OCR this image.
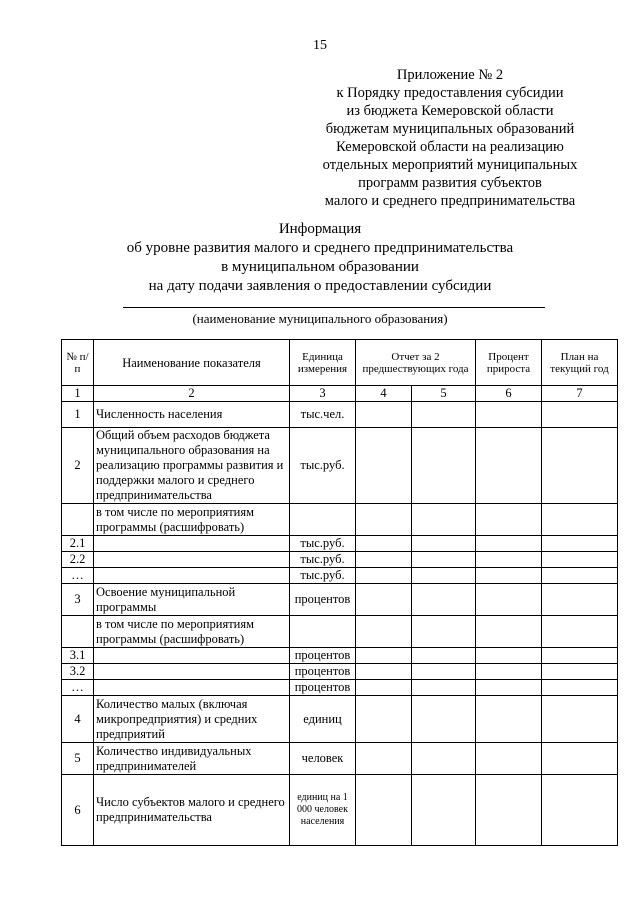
15
Приложение № 2
к Порядку предоставления субсидии
из бюджета Кемеровской области
бюджетам муниципальных образований
Кемеровской области на реализацию
отдельных мероприятий муниципальных
программ развития субъектов
малого и среднего предпринимательства
Информация
об уровне развития малого и среднего предпринимательства
в муниципальном образовании
на дату подачи заявления о предоставлении субсидии
(наименование муниципального образования)
№ п/п	Наименование показателя	Единица измерения	Отчет за 2 предшествующих года		Процент прироста	План на текущий год
1	2	3	4	5	6	7
1	Численность населения	тыс.чел.				
2	Общий объем расходов бюджета муниципального образования на реализацию программы развития и поддержки малого и среднего предпринимательства	тыс.руб.				
	в том числе по мероприятиям программы (расшифровать)					
2.1		тыс.руб.				
2.2		тыс.руб.				
…		тыс.руб.				
3	Освоение муниципальной программы	процентов				
	в том числе по мероприятиям программы (расшифровать)					
3.1		процентов				
3.2		процентов				
…		процентов				
4	Количество малых (включая микропредприятия) и средних предприятий	единиц				
5	Количество индивидуальных предпринимателей	человек				
6	Число субъектов малого и среднего предпринимательства	единиц на 1 000 человек населения				
